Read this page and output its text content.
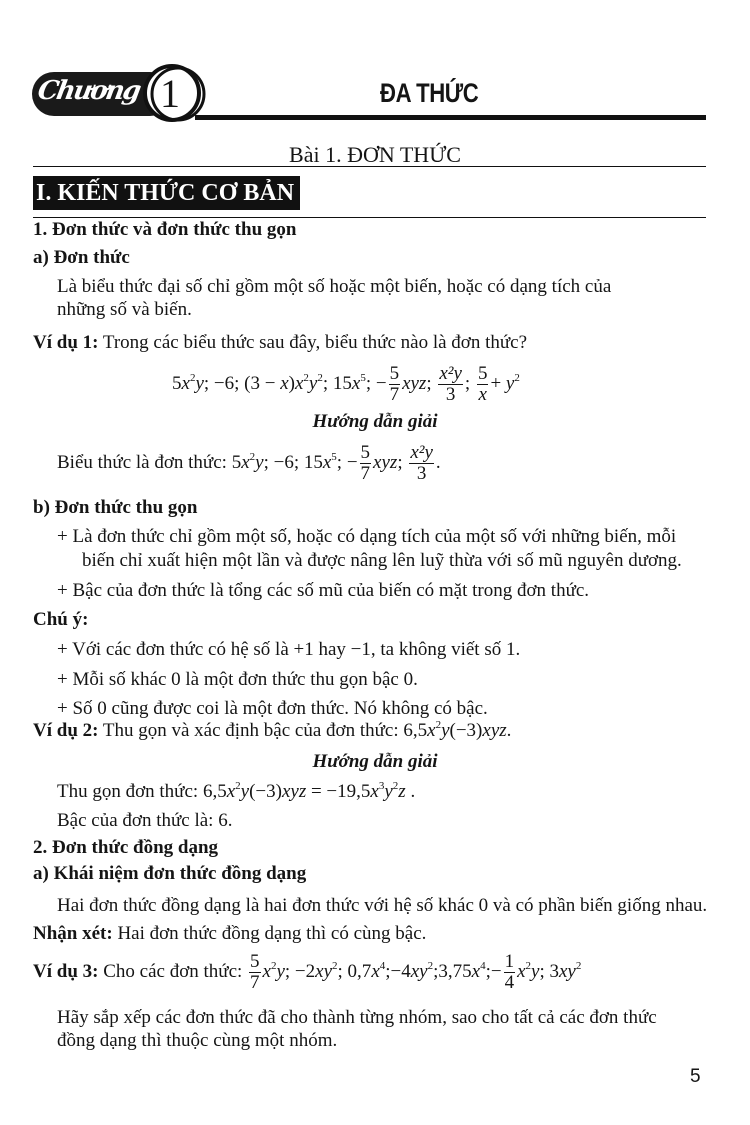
Chương 1	ĐA THỨC
Bài 1. ĐƠN THỨC
I. KIẾN THỨC CƠ BẢN
1. Đơn thức và đơn thức thu gọn
a) Đơn thức
Là biểu thức đại số chỉ gồm một số hoặc một biến, hoặc có dạng tích của
những số và biến.
Ví dụ 1: Trong các biểu thức sau đây, biểu thức nào là đơn thức?
$5x^2y$; −6; $(3 - x)x^2y^2$; $15x^5$; − $\frac{5}{7}$ xyz; $\frac{\text{x²y}}{3}$ ; $\frac{5}{x} + y^2$
Hướng dẫn giải
Biểu thức là đơn thức: $5x^2y$; −6; $15x^5$; − $\frac{5}{7}$ xyz; $\frac{\text{x²y}}{3}$ .
b) Đơn thức thu gọn
+ Là đơn thức chỉ gồm một số, hoặc có dạng tích của một số với những biến, mỗi
biến chỉ xuất hiện một lần và được nâng lên luỹ thừa với số mũ nguyên dương.
+ Bậc của đơn thức là tổng các số mũ của biến có mặt trong đơn thức.
Chú ý:
+ Với các đơn thức có hệ số là +1 hay −1, ta không viết số 1.
+ Mỗi số khác 0 là một đơn thức thu gọn bậc 0.
+ Số 0 cũng được coi là một đơn thức. Nó không có bậc.
Ví dụ 2: Thu gọn và xác định bậc của đơn thức: $6,5x^2y(-3)xyz$.
Hướng dẫn giải
Thu gọn đơn thức: $6,5x^2y(-3)xyz = -19,5x^3y^2z$ .
Bậc của đơn thức là: 6.
2. Đơn thức đồng dạng
a) Khái niệm đơn thức đồng dạng
Hai đơn thức đồng dạng là hai đơn thức với hệ số khác 0 và có phần biến giống nhau.
Nhận xét: Hai đơn thức đồng dạng thì có cùng bậc.
Ví dụ 3: Cho các đơn thức: $\frac{5}{7} x^2y$; $-2xy^2$; $0,7x^4;-4xy^2;3,75x^4;- \frac{1}{4} x^2y$; $3xy^2$
Hãy sắp xếp các đơn thức đã cho thành từng nhóm, sao cho tất cả các đơn thức
đồng dạng thì thuộc cùng một nhóm.
5
